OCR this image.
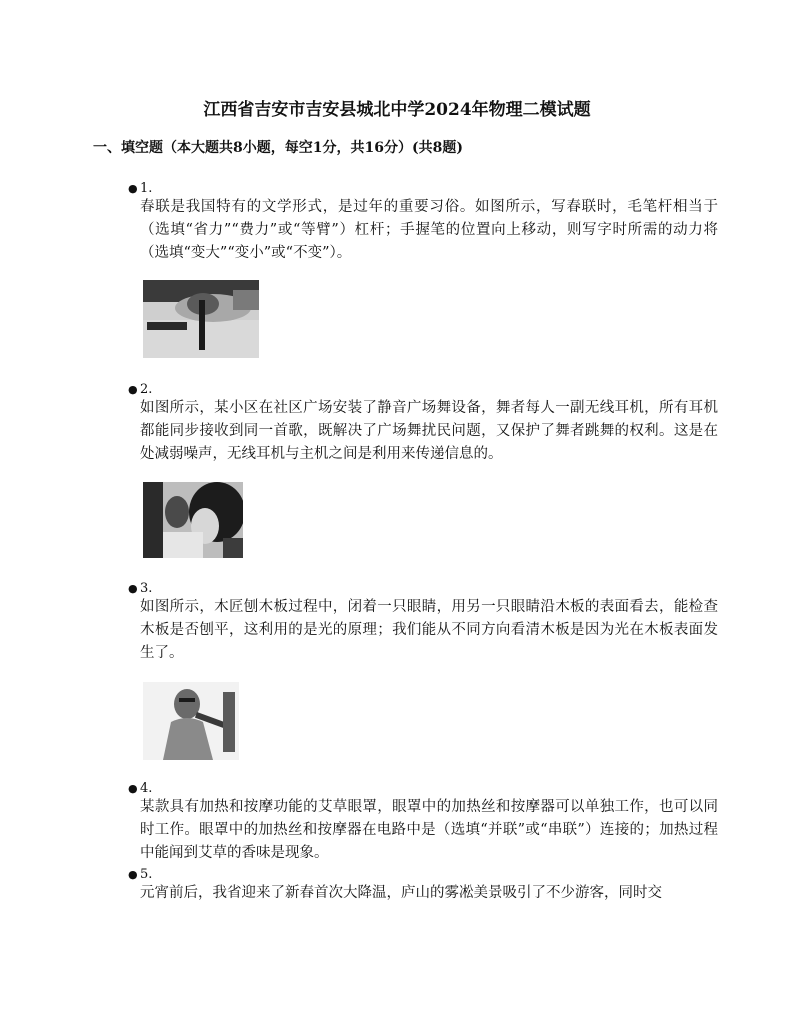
江西省吉安市吉安县城北中学2024年物理二模试题
一、填空题（本大题共8小题，每空1分，共16分）(共8题)
● 1.
春联是我国特有的文学形式，是过年的重要习俗。如图所示，写春联时，毛笔杆相当于（选填“省力”“费力”或“等臂”）杠杆；手握笔的位置向上移动，则写字时所需的动力将（选填“变大”“变小”或“不变”）。
● 2.
如图所示，某小区在社区广场安装了静音广场舞设备，舞者每人一副无线耳机，所有耳机都能同步接收到同一首歌，既解决了广场舞扰民问题，又保护了舞者跳舞的权利。这是在处减弱噪声，无线耳机与主机之间是利用来传递信息的。
● 3.
如图所示，木匠刨木板过程中，闭着一只眼睛，用另一只眼睛沿木板的表面看去，能检查木板是否刨平，这利用的是光的原理；我们能从不同方向看清木板是因为光在木板表面发生了。
● 4.
某款具有加热和按摩功能的艾草眼罩，眼罩中的加热丝和按摩器可以单独工作，也可以同时工作。眼罩中的加热丝和按摩器在电路中是（选填“并联”或“串联”）连接的；加热过程中能闻到艾草的香味是现象。
● 5.
元宵前后，我省迎来了新春首次大降温，庐山的雾凇美景吸引了不少游客，同时交
